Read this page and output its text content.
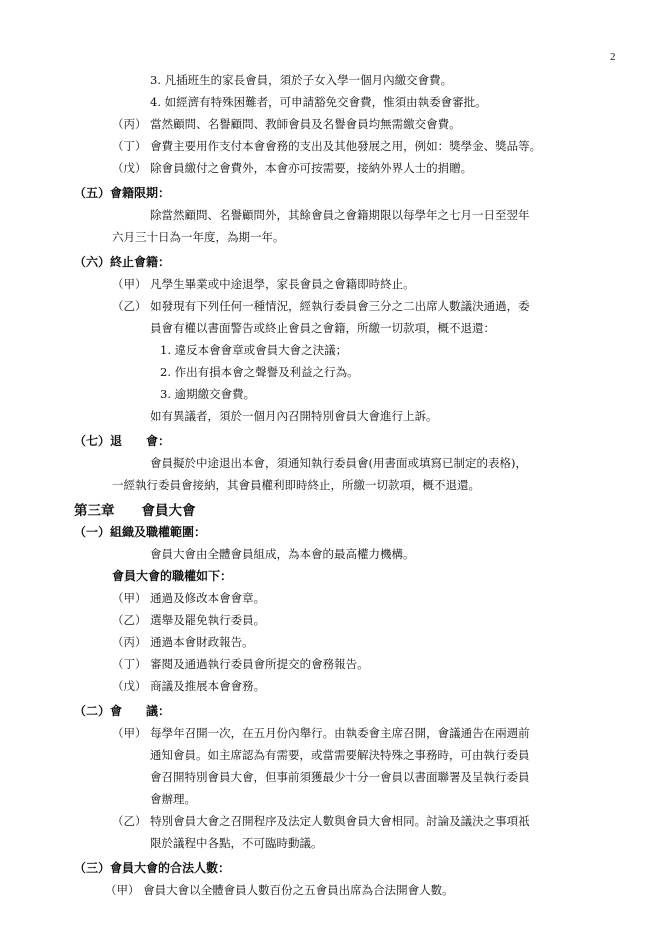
2
3. 凡插班生的家長會員，須於子女入學一個月內繳交會費。
4. 如經濟有特殊困難者，可申請豁免交會費，惟須由執委會審批。
（丙） 當然顧問、名譽顧問、教師會員及名譽會員均無需繳交會費。
（丁） 會費主要用作支付本會會務的支出及其他發展之用，例如：獎學金、獎品等。
（戊） 除會員繳付之會費外，本會亦可按需要，接納外界人士的捐贈。
（五）會籍限期：
除當然顧問、名譽顧問外，其餘會員之會籍期限以每學年之七月一日至翌年
六月三十日為一年度，為期一年。
（六）終止會籍：
（甲） 凡學生畢業或中途退學，家長會員之會籍即時終止。
（乙） 如發現有下列任何一種情況，經執行委員會三分之二出席人數議決通過，委
員會有權以書面警告或終止會員之會籍，所繳一切款項，概不退還：
1. 違反本會會章或會員大會之決議；
2. 作出有損本會之聲譽及利益之行為。
3. 逾期繳交會費。
如有異議者，須於一個月內召開特別會員大會進行上訴。
（七）退　　會：
會員擬於中途退出本會，須通知執行委員會(用書面或填寫已制定的表格)，
一經執行委員會接納，其會員權利即時終止，所繳一切款項，概不退還。
第三章　　會員大會
（一）組織及職權範圍：
會員大會由全體會員組成，為本會的最高權力機構。
會員大會的職權如下：
（甲） 通過及修改本會會章。
（乙） 選舉及罷免執行委員。
（丙） 通過本會財政報告。
（丁） 審閱及通過執行委員會所提交的會務報告。
（戊） 商議及推展本會會務。
（二）會　　議：
（甲） 每學年召開一次，在五月份內舉行。由執委會主席召開，會議通告在兩週前
通知會員。如主席認為有需要，或當需要解決特殊之事務時，可由執行委員
會召開特別會員大會，但事前須獲最少十分一會員以書面聯署及呈執行委員
會辦理。
（乙） 特別會員大會之召開程序及法定人數與會員大會相同。討論及議決之事項祇
限於議程中各點，不可臨時動議。
（三）會員大會的合法人數：
（甲） 會員大會以全體會員人數百份之五會員出席為合法開會人數。
